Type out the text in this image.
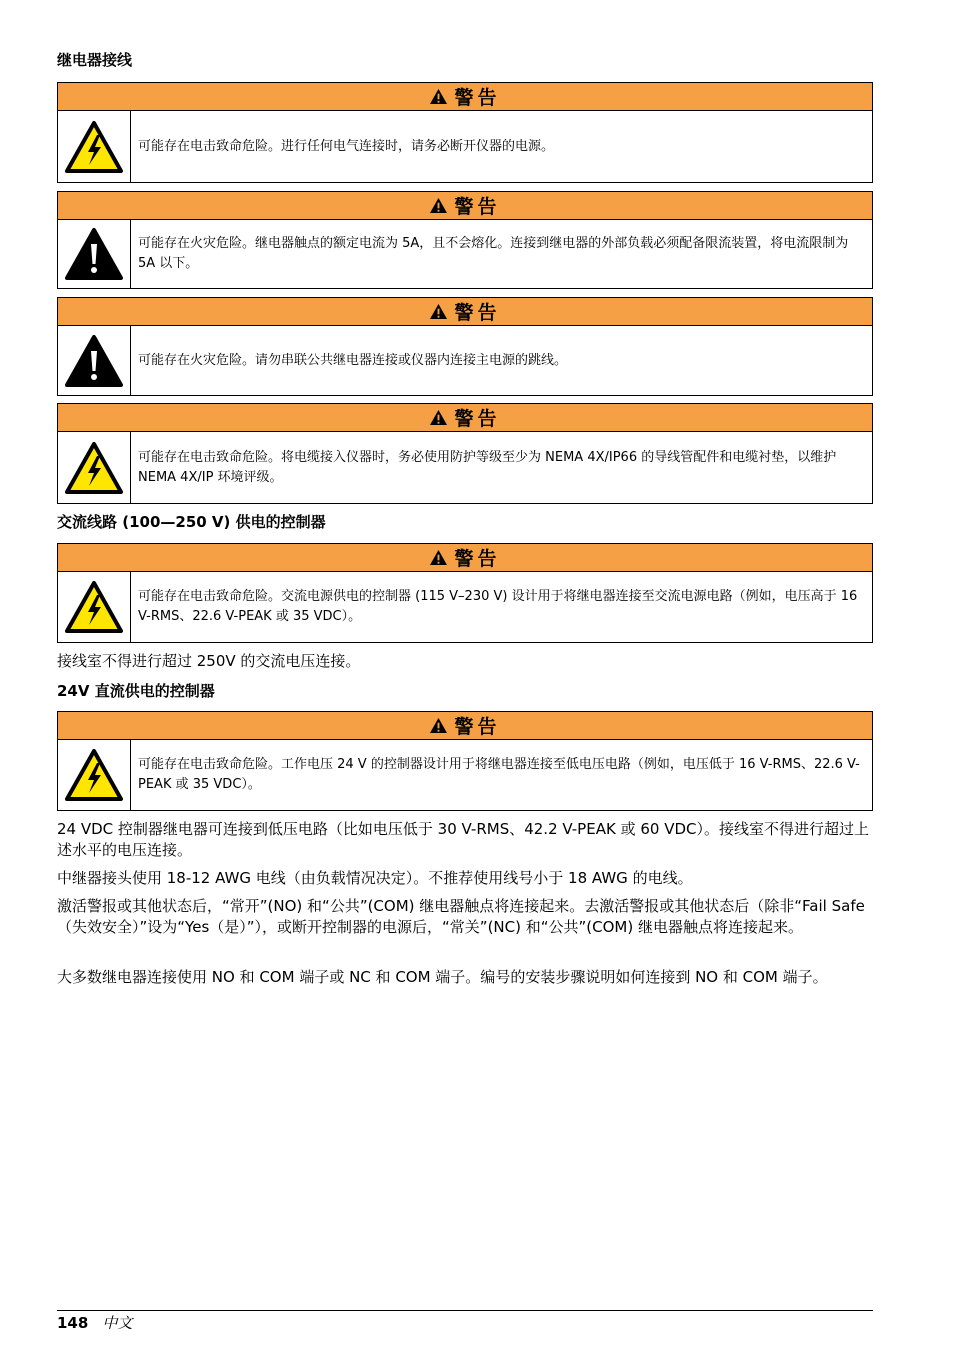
继电器接线
警告
可能存在电击致命危险。进行任何电气连接时，请务必断开仪器的电源。
警告
可能存在火灾危险。继电器触点的额定电流为 5A，且不会熔化。连接到继电器的外部负载必须配备限流装置，将电流限制为 5A 以下。
警告
可能存在火灾危险。请勿串联公共继电器连接或仪器内连接主电源的跳线。
警告
可能存在电击致命危险。将电缆接入仪器时，务必使用防护等级至少为 NEMA 4X/IP66 的导线管配件和电缆衬垫，以维护 NEMA 4X/IP 环境评级。
交流线路 (100—250 V) 供电的控制器
警告
可能存在电击致命危险。交流电源供电的控制器 (115 V–230 V) 设计用于将继电器连接至交流电源电路（例如，电压高于 16 V-RMS、22.6 V-PEAK 或 35 VDC）。
接线室不得进行超过 250V 的交流电压连接。
24V 直流供电的控制器
警告
可能存在电击致命危险。工作电压 24 V 的控制器设计用于将继电器连接至低电压电路（例如，电压低于 16 V-RMS、22.6 V-PEAK 或 35 VDC）。
24 VDC 控制器继电器可连接到低压电路（比如电压低于 30 V-RMS、42.2 V-PEAK 或 60 VDC）。接线室不得进行超过上述水平的电压连接。
中继器接头使用 18-12 AWG 电线（由负载情况决定）。不推荐使用线号小于 18 AWG 的电线。
激活警报或其他状态后，“常开”(NO) 和“公共”(COM) 继电器触点将连接起来。去激活警报或其他状态后（除非“Fail Safe（失效安全）”设为“Yes（是）”），或断开控制器的电源后，“常关”(NC) 和“公共”(COM) 继电器触点将连接起来。
大多数继电器连接使用 NO 和 COM 端子或 NC 和 COM 端子。编号的安装步骤说明如何连接到 NO 和 COM 端子。
148 中文
